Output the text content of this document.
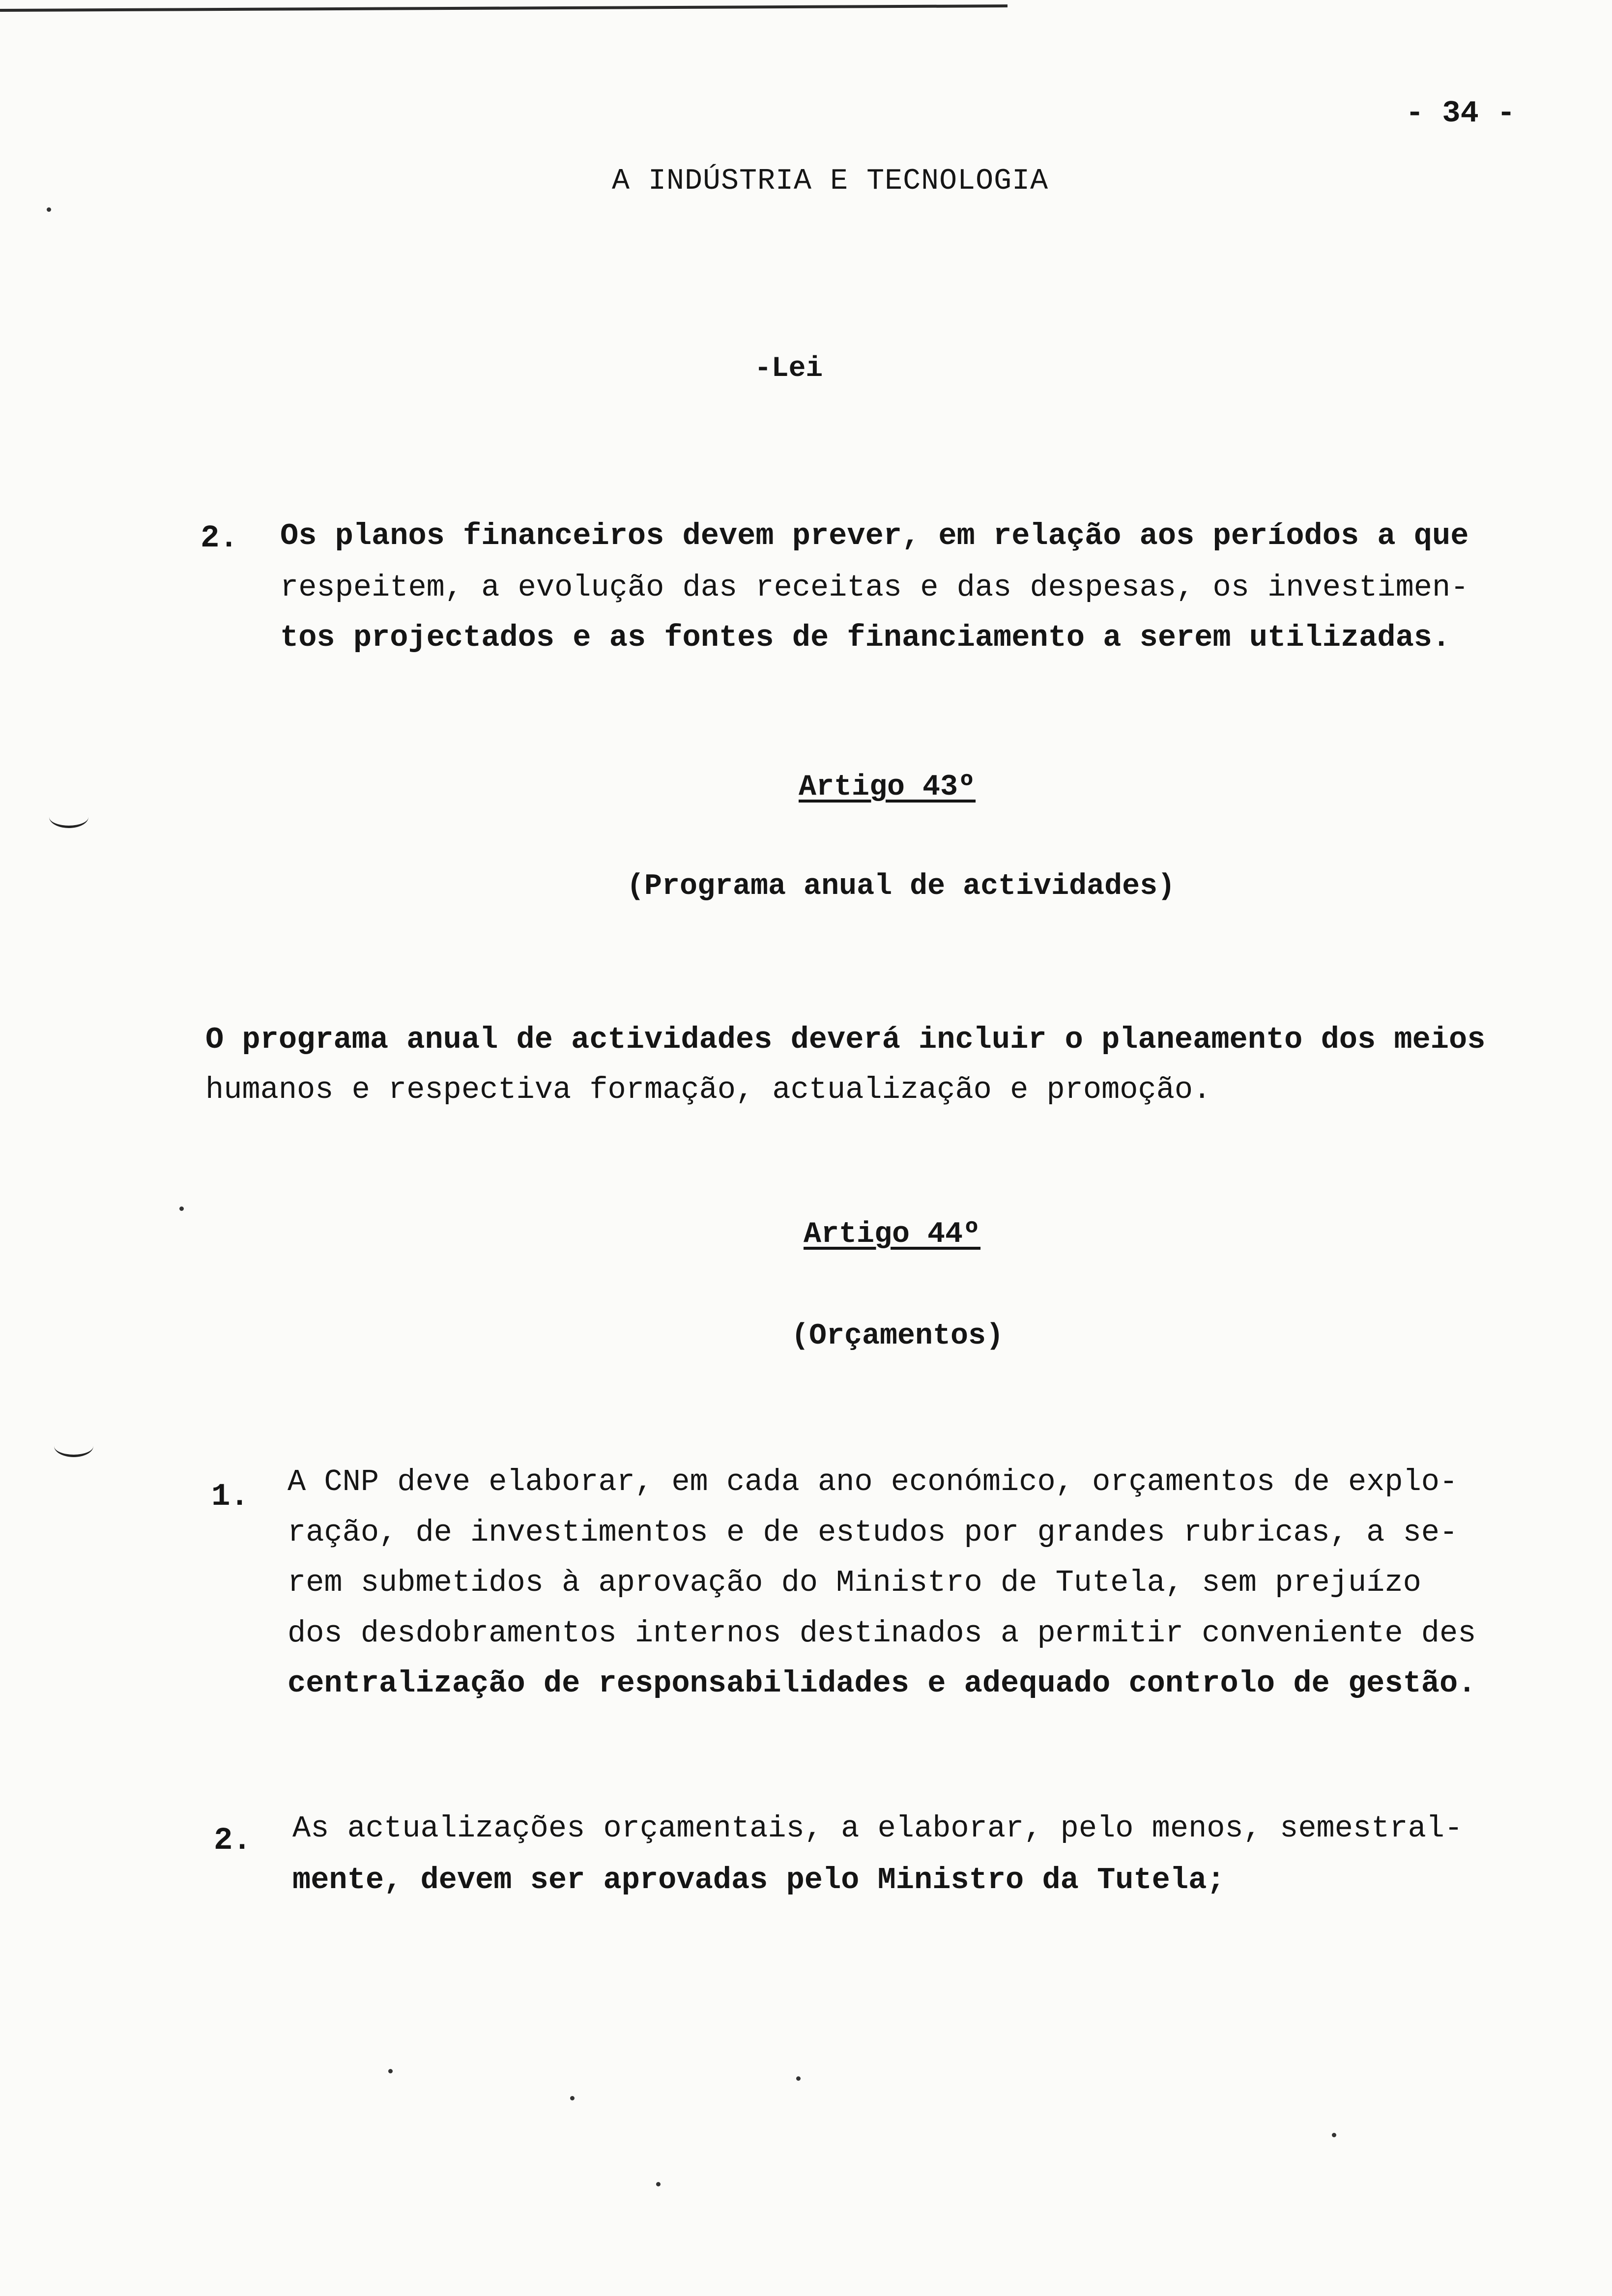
- 34 -
A INDÚSTRIA E TECNOLOGIA
-Lei
2. Os planos financeiros devem prever, em relação aos períodos a que
respeitem, a evolução das receitas e das despesas, os investimen-
tos projectados e as fontes de financiamento a serem utilizadas.
Artigo 43º
(Programa anual de actividades)
O programa anual de actividades deverá incluir o planeamento dos meios
humanos e respectiva formação, actualização e promoção.
Artigo 44º
(Orçamentos)
1. A CNP deve elaborar, em cada ano económico, orçamentos de explo-
ração, de investimentos e de estudos por grandes rubricas, a se-
rem submetidos à aprovação do Ministro de Tutela, sem prejuízo
dos desdobramentos internos destinados a permitir conveniente des
centralização de responsabilidades e adequado controlo de gestão.
2. As actualizações orçamentais, a elaborar, pelo menos, semestral-
mente, devem ser aprovadas pelo Ministro da Tutela;
